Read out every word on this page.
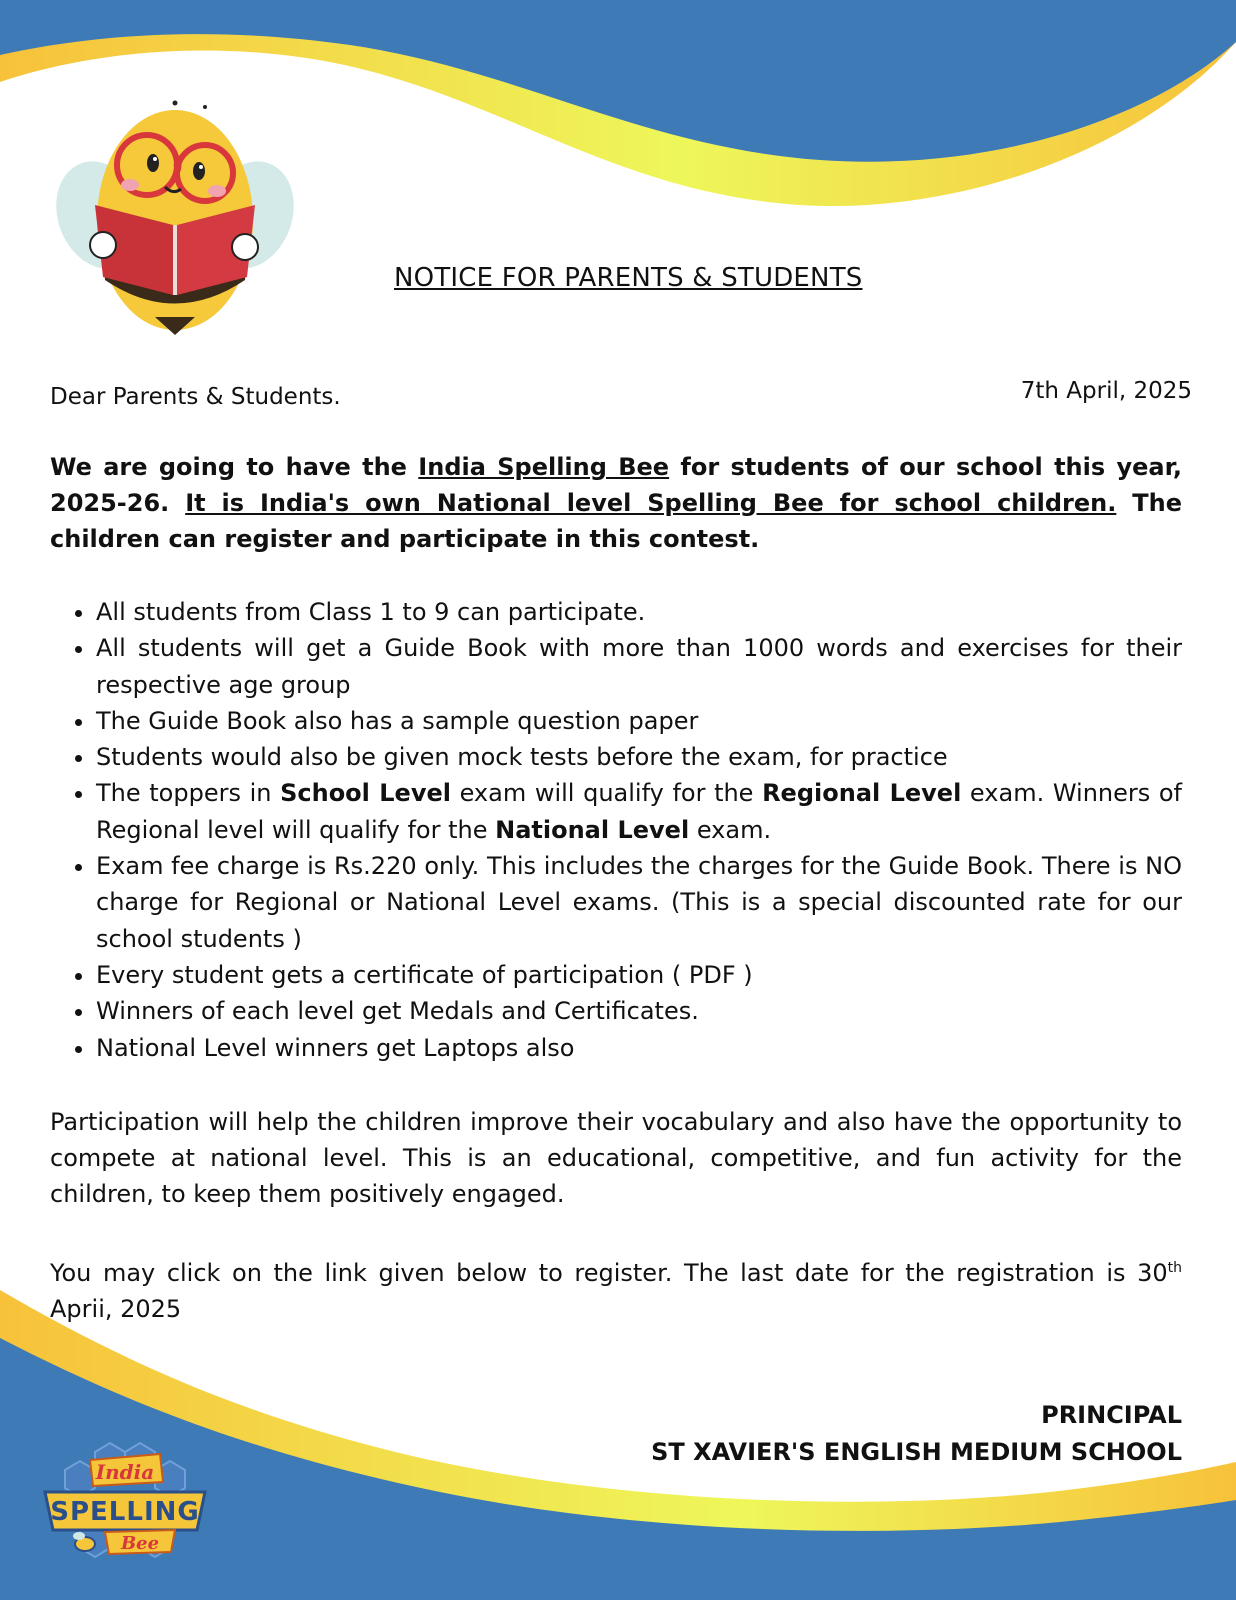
NOTICE FOR PARENTS & STUDENTS
Dear Parents & Students.	7th April, 2025

We are going to have the India Spelling Bee for students of our school this year, 2025-26. It is India's own National level Spelling Bee for school children. The children can register and participate in this contest.

• All students from Class 1 to 9 can participate.
• All students will get a Guide Book with more than 1000 words and exercises for their respective age group
• The Guide Book also has a sample question paper
• Students would also be given mock tests before the exam, for practice
• The toppers in School Level exam will qualify for the Regional Level exam. Winners of Regional level will qualify for the National Level exam.
• Exam fee charge is Rs.220 only. This includes the charges for the Guide Book. There is NO charge for Regional or National Level exams. (This is a special discounted rate for our school students )
• Every student gets a certificate of participation ( PDF )
• Winners of each level get Medals and Certificates.
• National Level winners get Laptops also

Participation will help the children improve their vocabulary and also have the opportunity to compete at national level. This is an educational, competitive, and fun activity for the children, to keep them positively engaged.

You may click on the link given below to register. The last date for the registration is 30th Aprii, 2025

PRINCIPAL
ST XAVIER'S ENGLISH MEDIUM SCHOOL
India
SPELLING
Bee
